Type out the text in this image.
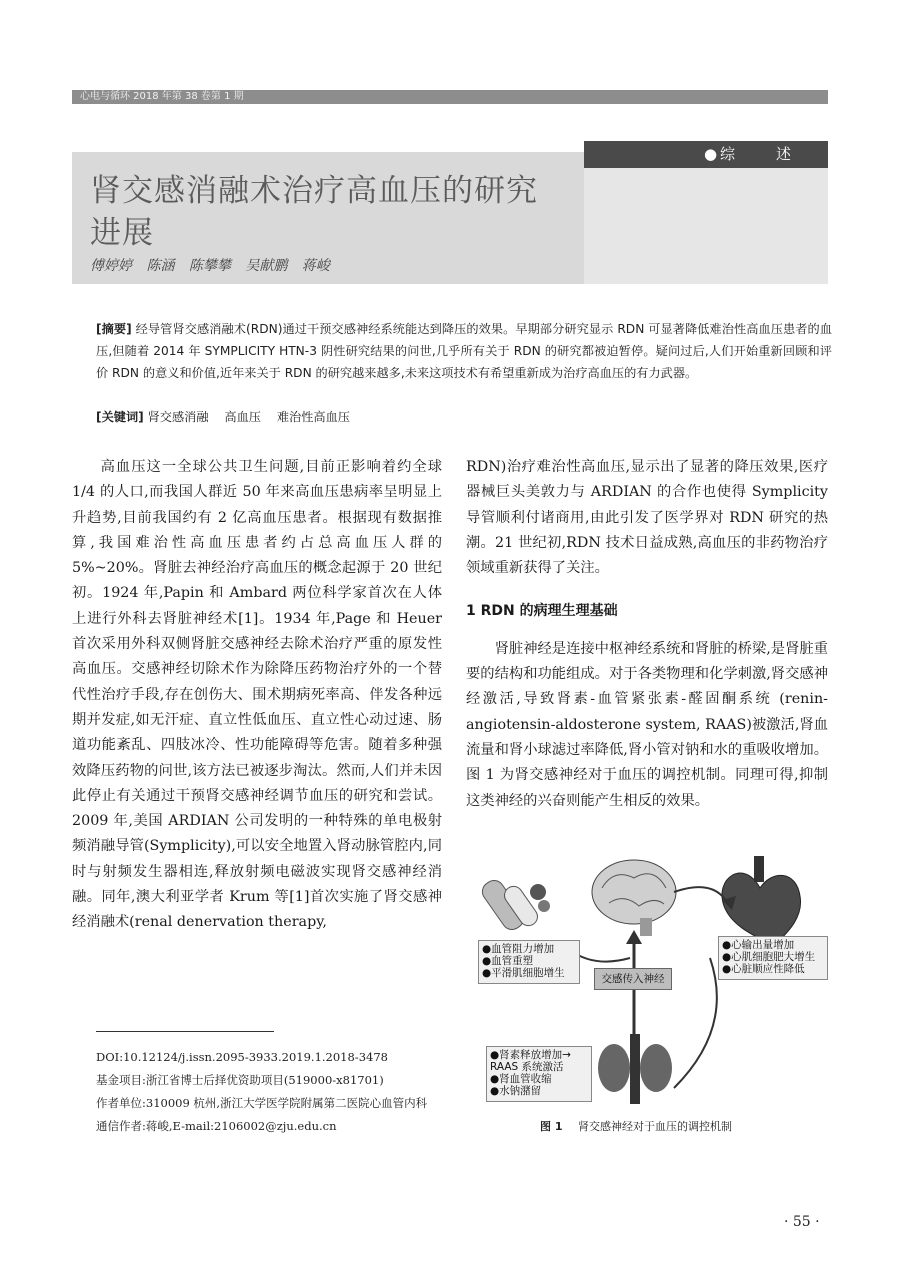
心电与循环 2018 年第 38 卷第 1 期
● 综	述
肾交感消融术治疗高血压的研究
进展
傅婷婷 陈涵 陈攀攀 吴献鹏 蒋峻
[摘要] 经导管肾交感消融术(RDN)通过干预交感神经系统能达到降压的效果。早期部分研究显示 RDN 可显著降低难治性高血压患者的血压,但随着 2014 年 SYMPLICITY HTN-3 阴性研究结果的问世,几乎所有关于 RDN 的研究都被迫暂停。疑问过后,人们开始重新回顾和评价 RDN 的意义和价值,近年来关于 RDN 的研究越来越多,未来这项技术有希望重新成为治疗高血压的有力武器。
[关键词] 肾交感消融 高血压 难治性高血压

高血压这一全球公共卫生问题,目前正影响着约全球 1/4 的人口,而我国人群近 50 年来高血压患病率呈明显上升趋势,目前我国约有 2 亿高血压患者。根据现有数据推算,我国难治性高血压患者约占总高血压人群的 5%~20%。肾脏去神经治疗高血压的概念起源于 20 世纪初。1924 年,Papin 和 Ambard 两位科学家首次在人体上进行外科去肾脏神经术[1]。1934 年,Page 和 Heuer 首次采用外科双侧肾脏交感神经去除术治疗严重的原发性高血压。交感神经切除术作为除降压药物治疗外的一个替代性治疗手段,存在创伤大、围术期病死率高、伴发各种远期并发症,如无汗症、直立性低血压、直立性心动过速、肠道功能紊乱、四肢冰冷、性功能障碍等危害。随着多种强效降压药物的问世,该方法已被逐步淘汰。然而,人们并未因此停止有关通过干预肾交感神经调节血压的研究和尝试。2009 年,美国 ARDIAN 公司发明的一种特殊的单电极射频消融导管(Symplicity),可以安全地置入肾动脉管腔内,同时与射频发生器相连,释放射频电磁波实现肾交感神经消融。同年,澳大利亚学者 Krum 等[1]首次实施了肾交感神经消融术(renal denervation therapy,

RDN)治疗难治性高血压,显示出了显著的降压效果,医疗器械巨头美敦力与 ARDIAN 的合作也使得 Symplicity 导管顺利付诸商用,由此引发了医学界对 RDN 研究的热潮。21 世纪初,RDN 技术日益成熟,高血压的非药物治疗领域重新获得了关注。

1 RDN 的病理生理基础

肾脏神经是连接中枢神经系统和肾脏的桥梁,是肾脏重要的结构和功能组成。对于各类物理和化学刺激,肾交感神经激活,导致肾素-血管紧张素-醛固酮系统 (renin-angiotensin-aldosterone system, RAAS)被激活,肾血流量和肾小球滤过率降低,肾小管对钠和水的重吸收增加。图 1 为肾交感神经对于血压的调控机制。同理可得,抑制这类神经的兴奋则能产生相反的效果。

DOI:10.12124/j.issn.2095-3933.2019.1.2018-3478

基金项目:浙江省博士后择优资助项目(519000-x81701)

作者单位:310009 杭州,浙江大学医学院附属第二医院心血管内科

通信作者:蒋峻,E-mail:2106002@zju.edu.cn

●血管阻力增加
●血管重塑
●平滑肌细胞增生
●心输出量增加
●心肌细胞肥大增生
●心脏顺应性降低
交感传入神经
●肾素释放增加→
RAAS 系统激活
●肾血管收缩
●水钠潴留
图 1 肾交感神经对于血压的调控机制
· 55 ·
